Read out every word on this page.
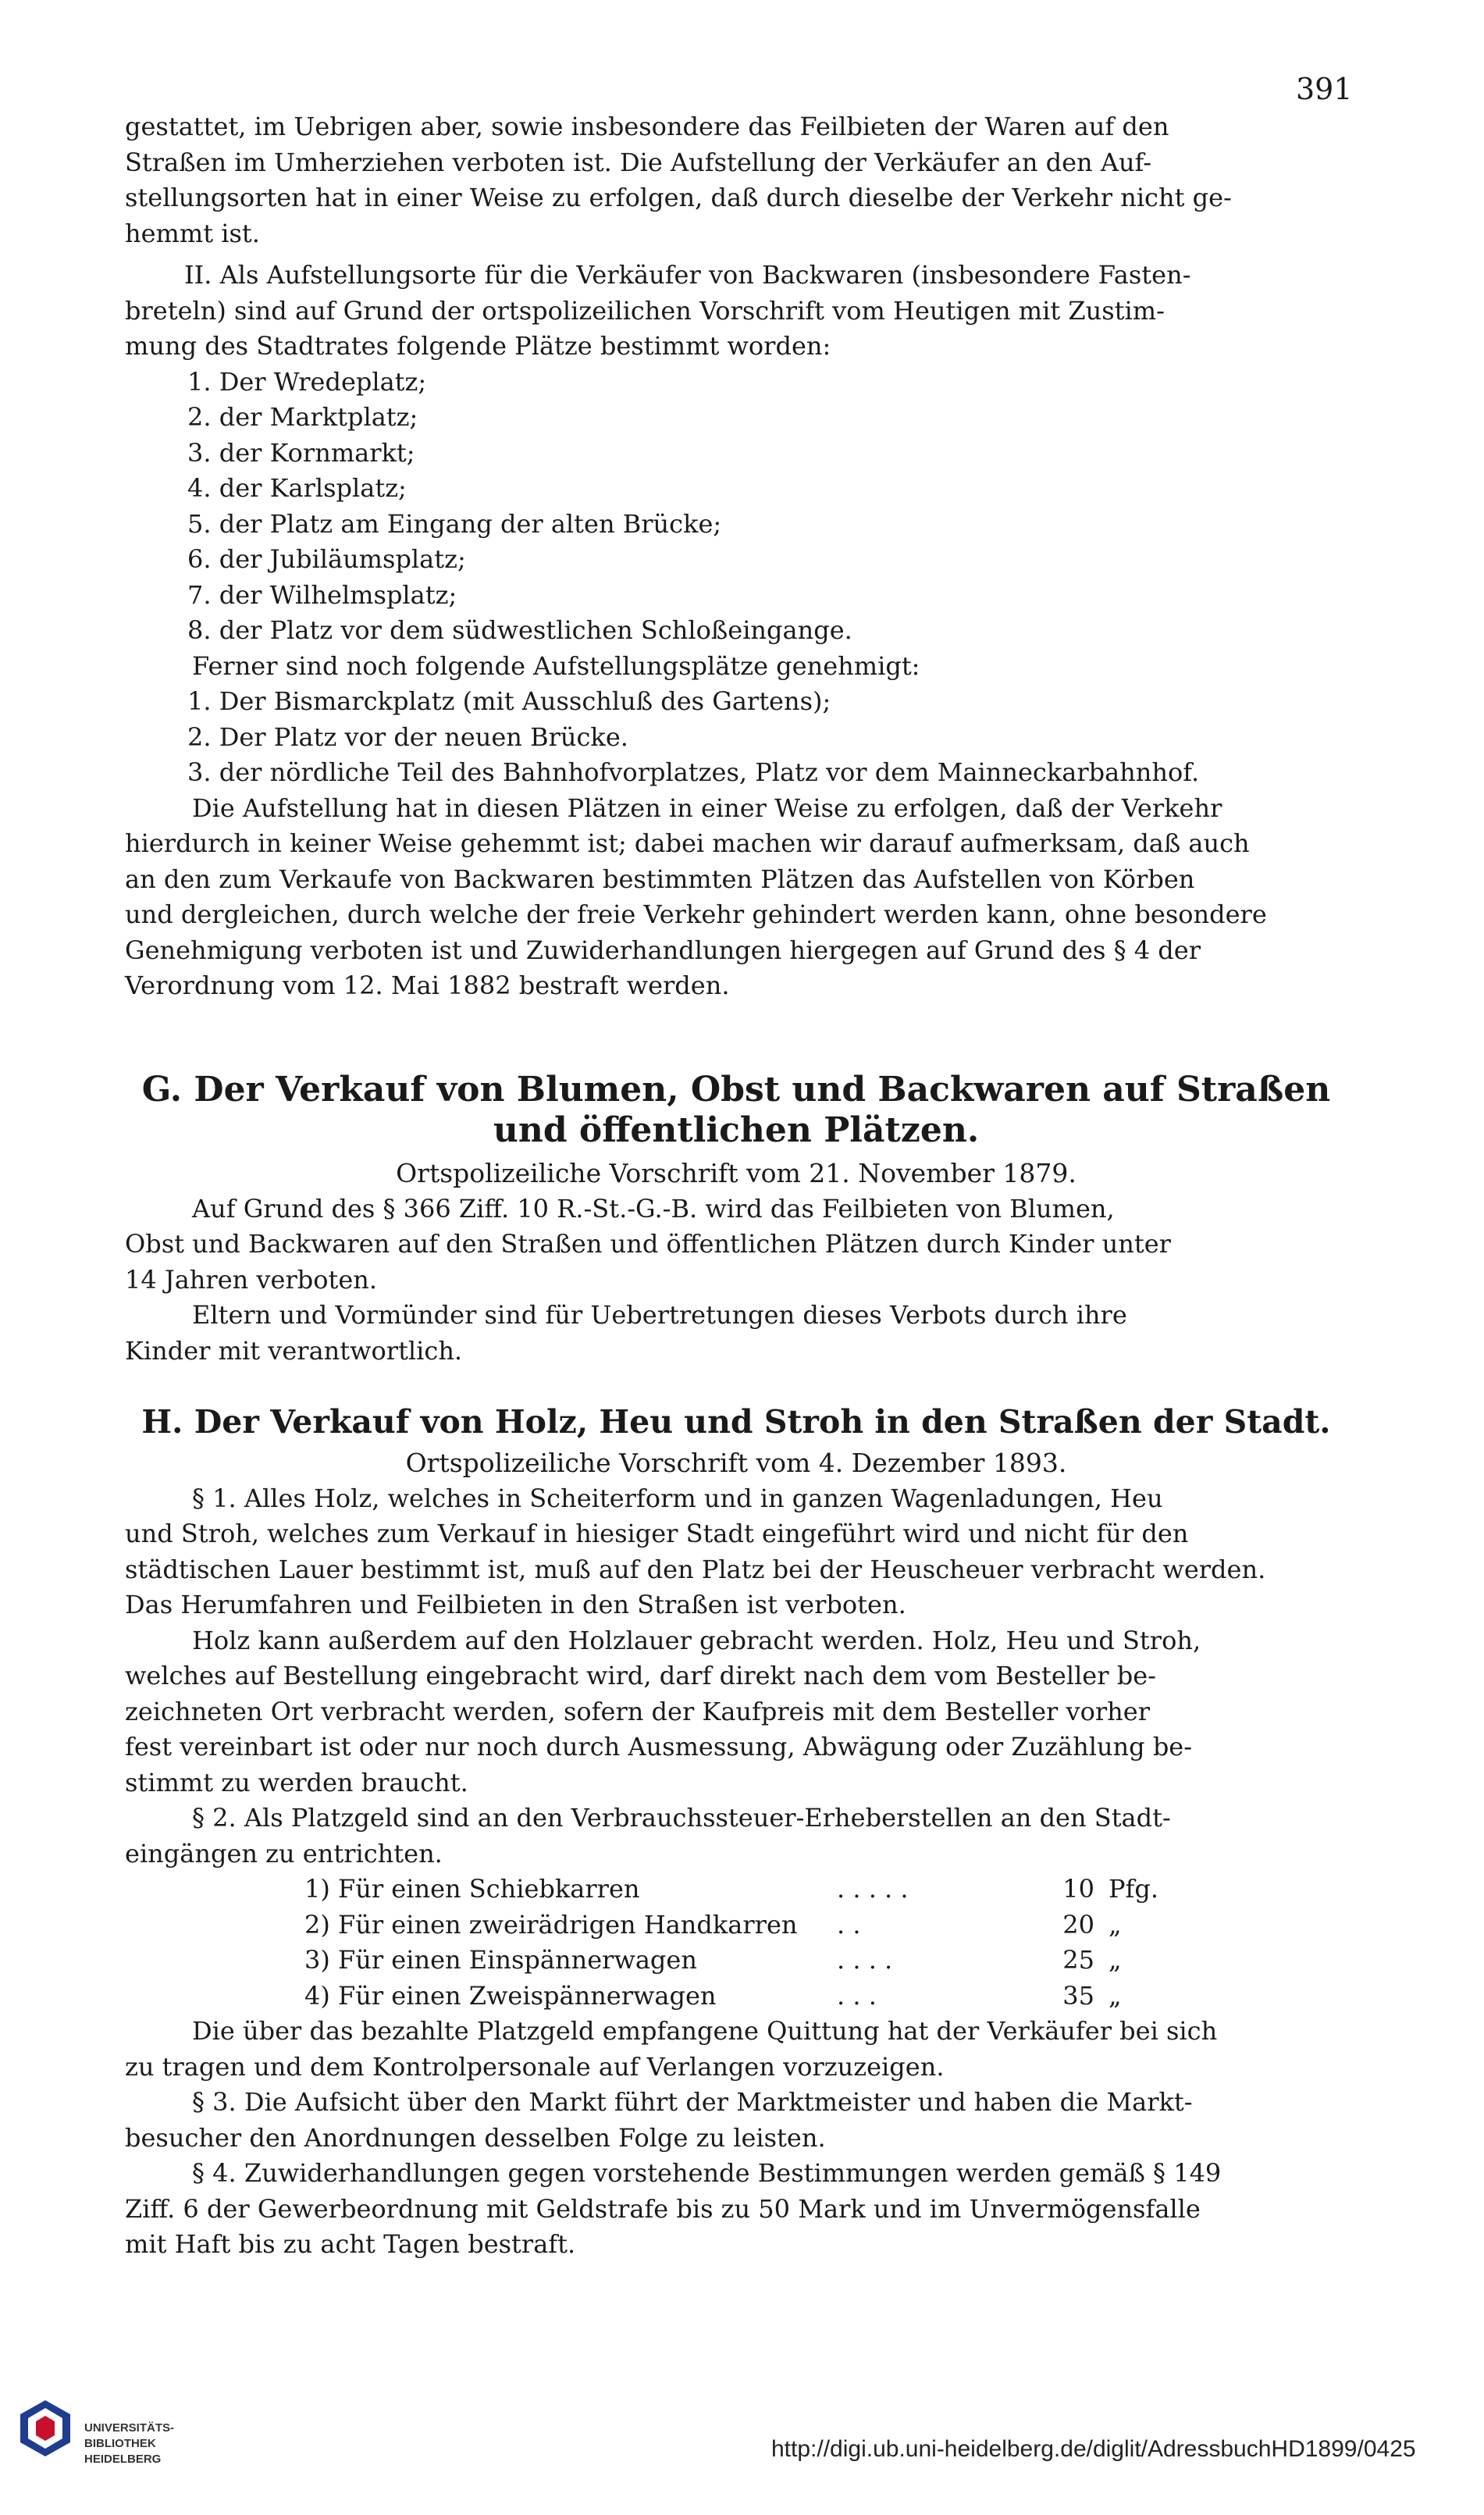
391
gestattet, im Uebrigen aber, sowie insbesondere das Feilbieten der Waren auf den
Straßen im Umherziehen verboten ist. Die Aufstellung der Verkäufer an den Auf-
stellungsorten hat in einer Weise zu erfolgen, daß durch dieselbe der Verkehr nicht ge-
hemmt ist.
II. Als Aufstellungsorte für die Verkäufer von Backwaren (insbesondere Fasten-
breteln) sind auf Grund der ortspolizeilichen Vorschrift vom Heutigen mit Zustim-
mung des Stadtrates folgende Plätze bestimmt worden:
1. Der Wredeplatz;
2. der Marktplatz;
3. der Kornmarkt;
4. der Karlsplatz;
5. der Platz am Eingang der alten Brücke;
6. der Jubiläumsplatz;
7. der Wilhelmsplatz;
8. der Platz vor dem südwestlichen Schloßeingange.
Ferner sind noch folgende Aufstellungsplätze genehmigt:
1. Der Bismarckplatz (mit Ausschluß des Gartens);
2. Der Platz vor der neuen Brücke.
3. der nördliche Teil des Bahnhofvorplatzes, Platz vor dem Mainneckarbahnhof.
Die Aufstellung hat in diesen Plätzen in einer Weise zu erfolgen, daß der Verkehr
hierdurch in keiner Weise gehemmt ist; dabei machen wir darauf aufmerksam, daß auch
an den zum Verkaufe von Backwaren bestimmten Plätzen das Aufstellen von Körben
und dergleichen, durch welche der freie Verkehr gehindert werden kann, ohne besondere
Genehmigung verboten ist und Zuwiderhandlungen hiergegen auf Grund des § 4 der
Verordnung vom 12. Mai 1882 bestraft werden.
G. Der Verkauf von Blumen, Obst und Backwaren auf Straßen
und öffentlichen Plätzen.
Ortspolizeiliche Vorschrift vom 21. November 1879.
Auf Grund des § 366 Ziff. 10 R.-St.-G.-B. wird das Feilbieten von Blumen,
Obst und Backwaren auf den Straßen und öffentlichen Plätzen durch Kinder unter
14 Jahren verboten.
Eltern und Vormünder sind für Uebertretungen dieses Verbots durch ihre
Kinder mit verantwortlich.
H. Der Verkauf von Holz, Heu und Stroh in den Straßen der Stadt.
Ortspolizeiliche Vorschrift vom 4. Dezember 1893.
§ 1. Alles Holz, welches in Scheiterform und in ganzen Wagenladungen, Heu
und Stroh, welches zum Verkauf in hiesiger Stadt eingeführt wird und nicht für den
städtischen Lauer bestimmt ist, muß auf den Platz bei der Heuscheuer verbracht werden.
Das Herumfahren und Feilbieten in den Straßen ist verboten.
Holz kann außerdem auf den Holzlauer gebracht werden. Holz, Heu und Stroh,
welches auf Bestellung eingebracht wird, darf direkt nach dem vom Besteller be-
zeichneten Ort verbracht werden, sofern der Kaufpreis mit dem Besteller vorher
fest vereinbart ist oder nur noch durch Ausmessung, Abwägung oder Zuzählung be-
stimmt zu werden braucht.
§ 2. Als Platzgeld sind an den Verbrauchssteuer-Erheberstellen an den Stadt-
eingängen zu entrichten.
1) Für einen Schiebkarren	. . . . .	10 Pfg.
2) Für einen zweirädrigen Handkarren	. .	20 „
3) Für einen Einspännerwagen	. . . .	25 „
4) Für einen Zweispännerwagen	. . .	35 „
Die über das bezahlte Platzgeld empfangene Quittung hat der Verkäufer bei sich
zu tragen und dem Kontrolpersonale auf Verlangen vorzuzeigen.
§ 3. Die Aufsicht über den Markt führt der Marktmeister und haben die Markt-
besucher den Anordnungen desselben Folge zu leisten.
§ 4. Zuwiderhandlungen gegen vorstehende Bestimmungen werden gemäß § 149
Ziff. 6 der Gewerbeordnung mit Geldstrafe bis zu 50 Mark und im Unvermögensfalle
mit Haft bis zu acht Tagen bestraft.
UNIVERSITÄTS-
BIBLIOTHEK
HEIDELBERG	http://digi.ub.uni-heidelberg.de/diglit/AdressbuchHD1899/0425
